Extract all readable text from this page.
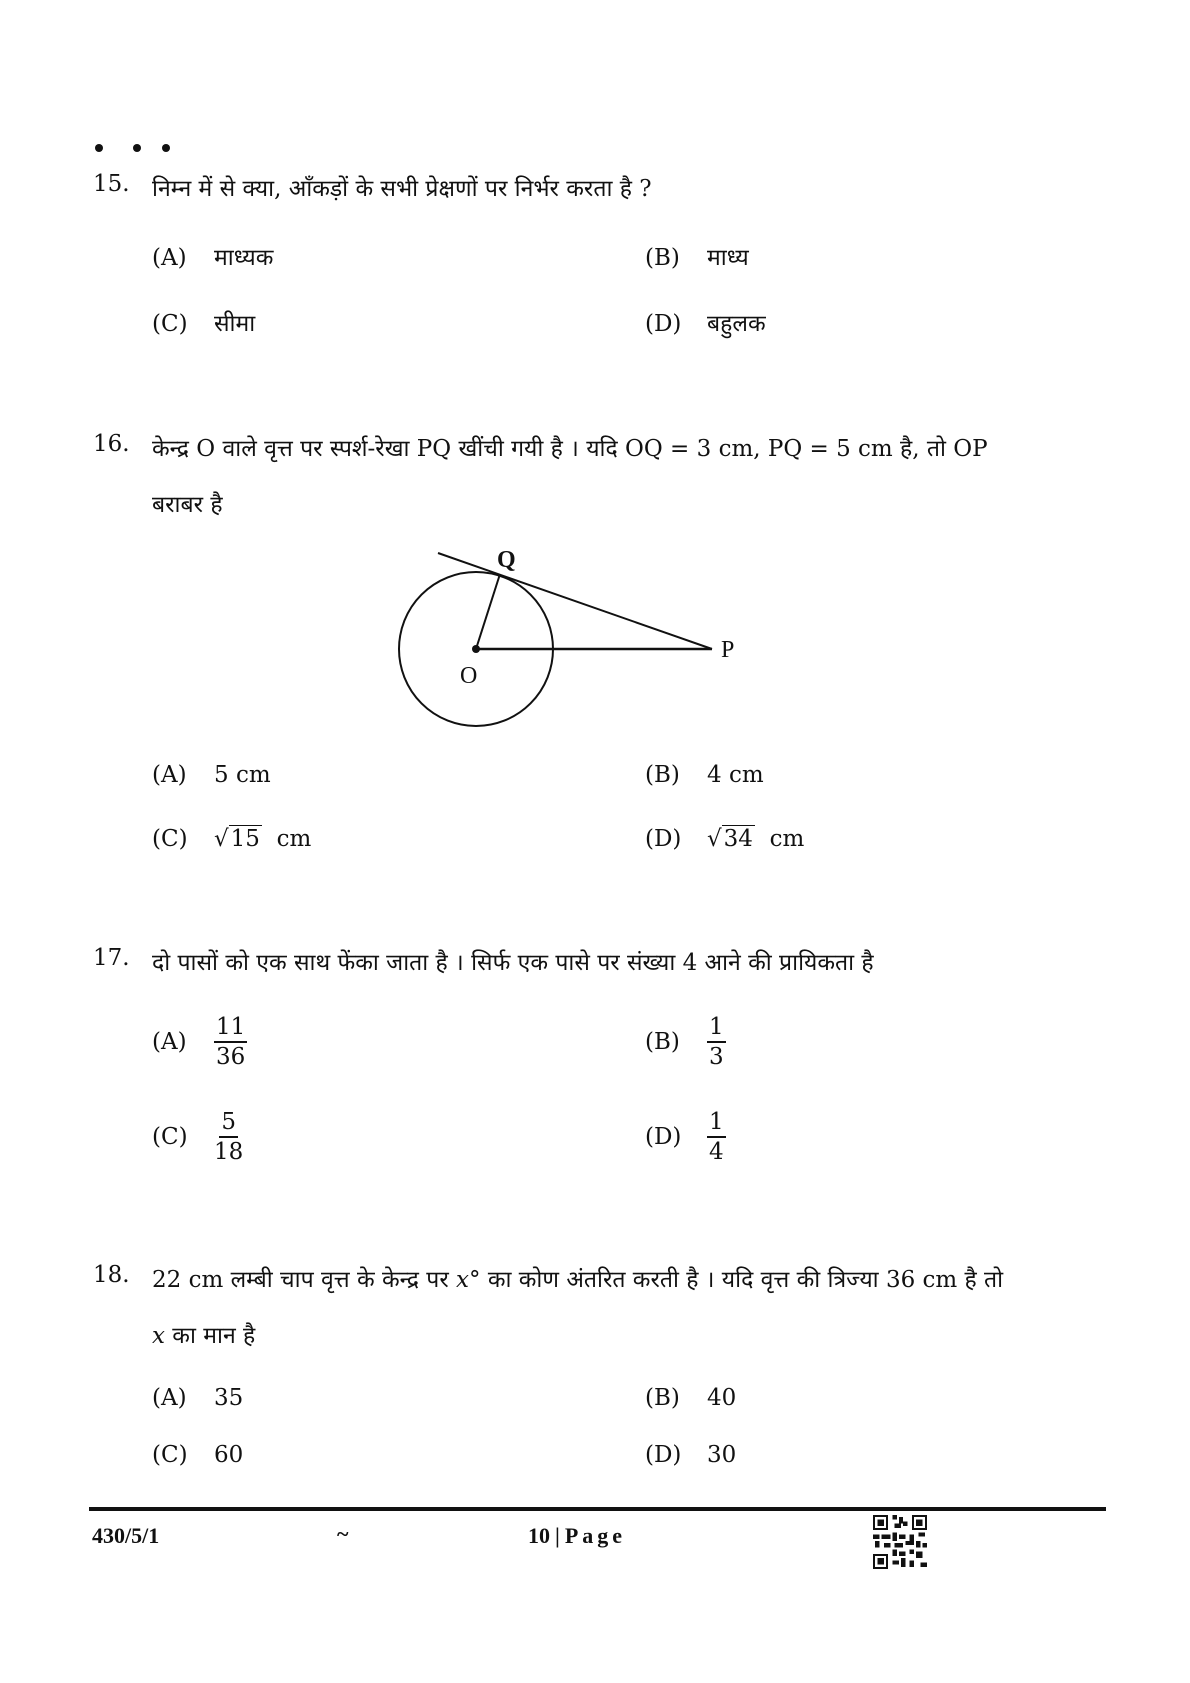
15. निम्न में से क्या, आँकड़ों के सभी प्रेक्षणों पर निर्भर करता है ?
(A) माध्यक	(B) माध्य
(C) सीमा	(D) बहुलक
16. केन्द्र O वाले वृत्त पर स्पर्श-रेखा PQ खींची गयी है । यदि OQ = 3 cm, PQ = 5 cm है, तो OP
बराबर है
Q
O
P
(A) 5 cm	(B) 4 cm
(C) √15 cm	(D) √34 cm
17. दो पासों को एक साथ फेंका जाता है । सिर्फ एक पासे पर संख्या 4 आने की प्रायिकता है
$(A) \frac{11}{36}$	$(B) \frac{1}{3}$
$(C) \frac{5}{18}$	$(D) \frac{1}{4}$
18. 22 cm लम्बी चाप वृत्त के केन्द्र पर x° का कोण अंतरित करती है । यदि वृत्त की त्रिज्या 36 cm है तो
x का मान है
(A) 35	(B) 40
(C) 60	(D) 30
430/5/1	~	10 | Page
